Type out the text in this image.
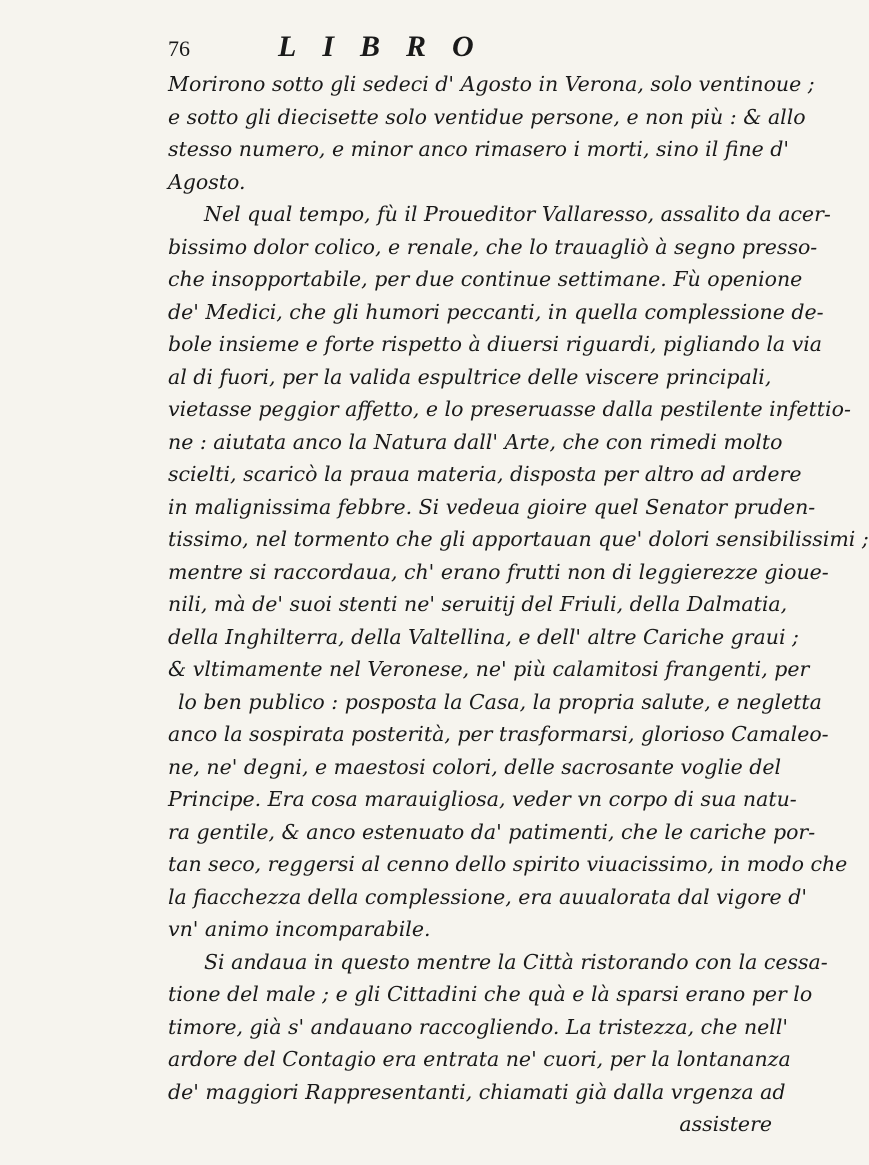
76	LIBRO
Morirono sotto gli sedeci d' Agosto in Verona, solo ventinoue ;
e sotto gli diecisette solo ventidue persone, e non più : & allo
stesso numero, e minor anco rimasero i morti, sino il fine d'
Agosto.
Nel qual tempo, fù il Proueditor Vallaresso, assalito da acer-
bissimo dolor colico, e renale, che lo trauagliò à segno presso-
che insopportabile, per due continue settimane. Fù openione
de' Medici, che gli humori peccanti, in quella complessione de-
bole insieme e forte rispetto à diuersi riguardi, pigliando la via
al di fuori, per la valida espultrice delle viscere principali,
vietasse peggior affetto, e lo preseruasse dalla pestilente infettio-
ne : aiutata anco la Natura dall' Arte, che con rimedi molto
scielti, scaricò la praua materia, disposta per altro ad ardere
in malignissima febbre. Si vedeua gioire quel Senator pruden-
tissimo, nel tormento che gli apportauan que' dolori sensibilissimi ;
mentre si raccordaua, ch' erano frutti non di leggierezze gioue-
nili, mà de' suoi stenti ne' seruitij del Friuli, della Dalmatia,
della Inghilterra, della Valtellina, e dell' altre Cariche graui ;
& vltimamente nel Veronese, ne' più calamitosi frangenti, per
lo ben publico : posposta la Casa, la propria salute, e negletta
anco la sospirata posterità, per trasformarsi, glorioso Camaleo-
ne, ne' degni, e maestosi colori, delle sacrosante voglie del
Principe. Era cosa marauigliosa, veder vn corpo di sua natu-
ra gentile, & anco estenuato da' patimenti, che le cariche por-
tan seco, reggersi al cenno dello spirito viuacissimo, in modo che
la fiacchezza della complessione, era auualorata dal vigore d'
vn' animo incomparabile.
Si andaua in questo mentre la Città ristorando con la cessa-
tione del male ; e gli Cittadini che quà e là sparsi erano per lo
timore, già s' andauano raccogliendo. La tristezza, che nell'
ardore del Contagio era entrata ne' cuori, per la lontananza
de' maggiori Rappresentanti, chiamati già dalla vrgenza ad
assistere
